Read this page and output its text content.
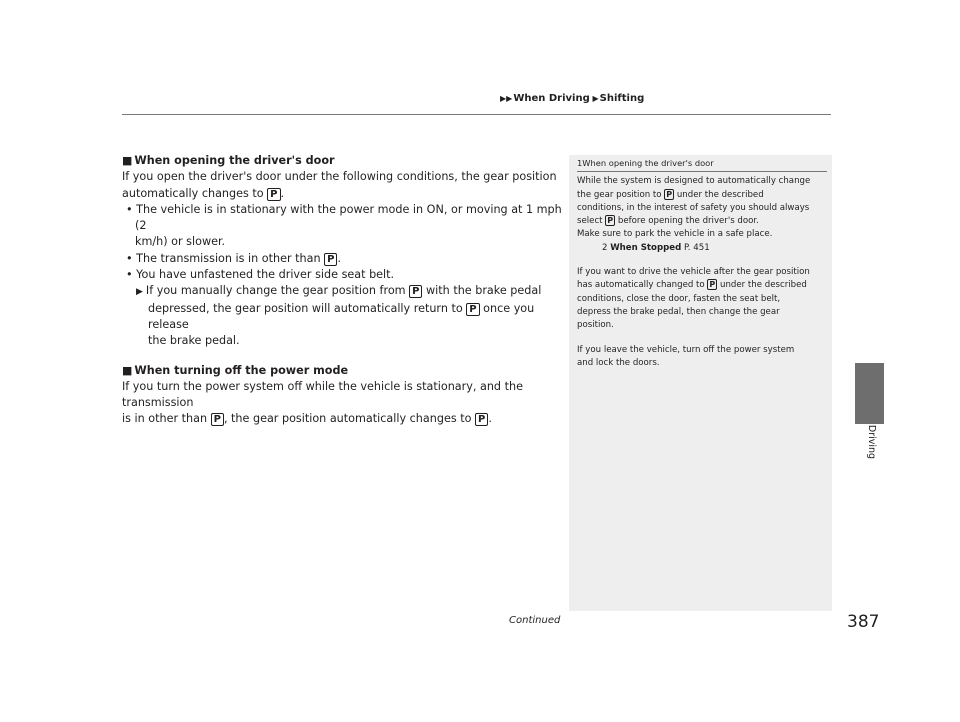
▶▶When Driving ▶Shifting

■ When opening the driver's door

If you open the driver's door under the following conditions, the gear position
automatically changes to P .

• The vehicle is in stationary with the power mode in ON, or moving at 1 mph (2
km/h) or slower.

• The transmission is in other than P .

• You have unfastened the driver side seat belt.

▶ If you manually change the gear position from P with the brake pedal
depressed, the gear position will automatically return to P once you release
the brake pedal.

■ When turning off the power mode

If you turn the power system off while the vehicle is stationary, and the transmission
is in other than P , the gear position automatically changes to P .

1When opening the driver's door

While the system is designed to automatically change
the gear position to P under the described
conditions, in the interest of safety you should always
select P before opening the driver's door.
Make sure to park the vehicle in a safe place.

2 When Stopped P. 451

If you want to drive the vehicle after the gear position
has automatically changed to P under the described
conditions, close the door, fasten the seat belt,
depress the brake pedal, then change the gear
position.

If you leave the vehicle, turn off the power system
and lock the doors.

Driving
Continued	387
